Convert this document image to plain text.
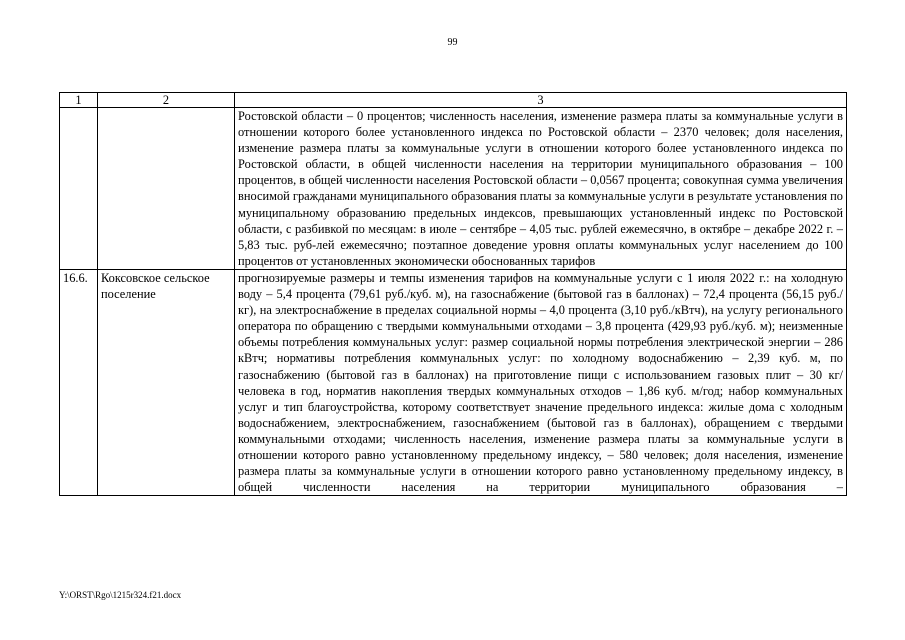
99
1	2	3
		Ростовской области – 0 процентов; численность населения, изменение размера платы за коммунальные услуги в отношении которого более установленного индекса по Ростовской области – 2370 человек; доля населения, изменение размера платы за коммунальные услуги в отношении которого более установленного индекса по Ростовской области, в общей численности населения на территории муниципального образования – 100 процентов, в общей численности населения Ростовской области – 0,0567 процента; совокупная сумма увеличения вносимой гражданами муниципального образования платы за коммунальные услуги в результате установления по муниципальному образованию предельных индексов, превышающих установленный индекс по Ростовской области, с разбивкой по месяцам: в июле – сентябре – 4,05 тыс. рублей ежемесячно, в октябре – декабре 2022 г. – 5,83 тыс. руб-лей ежемесячно; поэтапное доведение уровня оплаты коммунальных услуг населением до 100 процентов от установленных экономически обоснованных тарифов
16.6.	Коксовское сельское поселение	прогнозируемые размеры и темпы изменения тарифов на коммунальные услуги с 1 июля 2022 г.: на холодную воду – 5,4 процента (79,61 руб./куб. м), на газоснабжение (бытовой газ в баллонах) – 72,4 процента (56,15 руб./кг), на электроснабжение в пределах социальной нормы – 4,0 процента (3,10 руб./кВтч), на услугу регионального оператора по обращению с твердыми коммунальными отходами – 3,8 процента (429,93 руб./куб. м); неизменные объемы потребления коммунальных услуг: размер социальной нормы потребления электрической энергии – 286 кВтч; нормативы потребления коммунальных услуг: по холодному водоснабжению – 2,39 куб. м, по газоснабжению (бытовой газ в баллонах) на приготовление пищи с использованием газовых плит – 30 кг/человека в год, норматив накопления твердых коммунальных отходов – 1,86 куб. м/год; набор коммунальных услуг и тип благоустройства, которому соответствует значение предельного индекса: жилые дома с холодным водоснабжением, электроснабжением, газоснабжением (бытовой газ в баллонах), обращением с твердыми коммунальными отходами; численность населения, изменение размера платы за коммунальные услуги в отношении которого равно установленному предельному индексу, – 580 человек; доля населения, изменение размера платы за коммунальные услуги в отношении которого равно установленному предельному индексу, в общей численности населения на территории муниципального образования –
Y:\ORST\Rgo\1215r324.f21.docx
